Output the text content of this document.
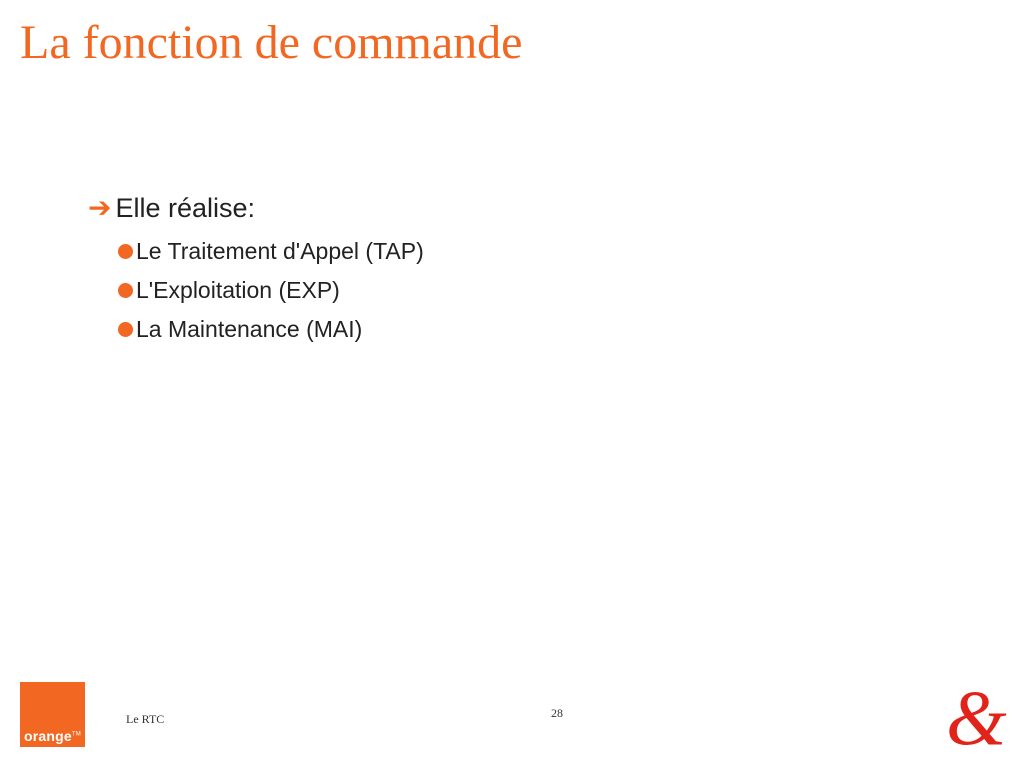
La fonction de commande
➔ Elle réalise:
Le Traitement d'Appel (TAP)
L'Exploitation (EXP)
La Maintenance (MAI)
orange™
Le RTC	28	&
